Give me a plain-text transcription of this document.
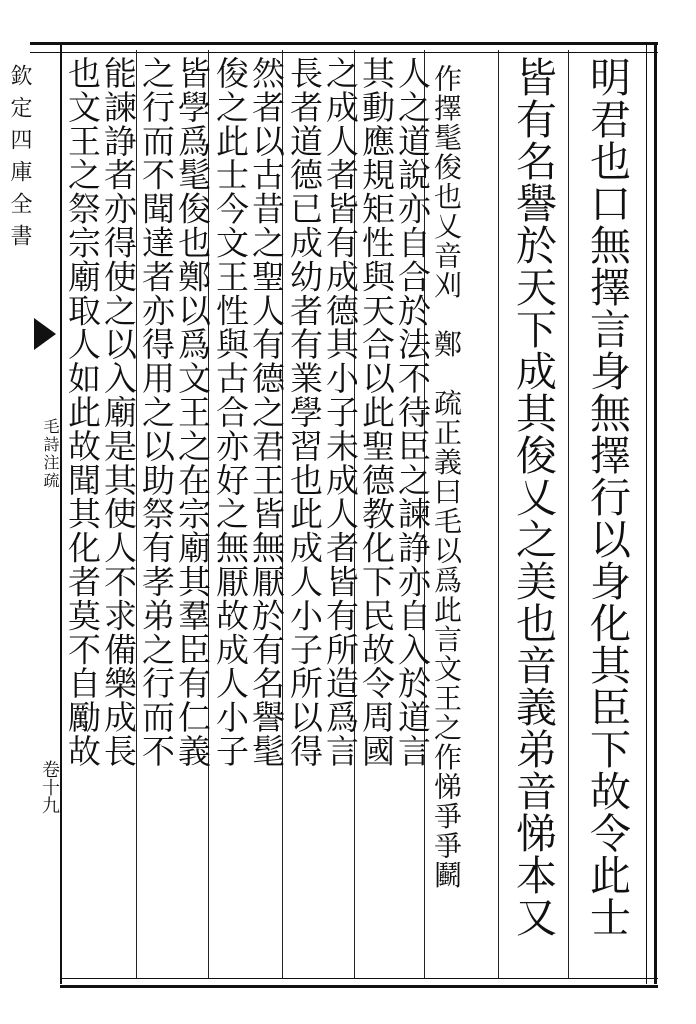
欽定四庫全書
毛詩注疏
卷十九	明君也口無擇言身無擇行以身化其臣下故令此士
皆有名譽於天下成其俊乂之美也音義弟音悌本又
作擇髦俊也乂音刈　鄭　疏正義曰毛以爲此言文王之作悌爭爭鬬
人之道說亦自合於法不待臣之諫諍亦自入於道言
其動應規矩性與天合以此聖德教化下民故令周國
之成人者皆有成德其小子未成人者皆有所造爲言
長者道德已成幼者有業學習也此成人小子所以得
然者以古昔之聖人有德之君王皆無厭於有名譽髦
俊之此士今文王性與古合亦好之無厭故成人小子
皆學爲髦俊也鄭以爲文王之在宗廟其羣臣有仁義
之行而不聞達者亦得用之以助祭有孝弟之行而不
能諫諍者亦得使之以入廟是其使人不求備樂成長
也文王之祭宗廟取人如此故聞其化者莫不自勵故
